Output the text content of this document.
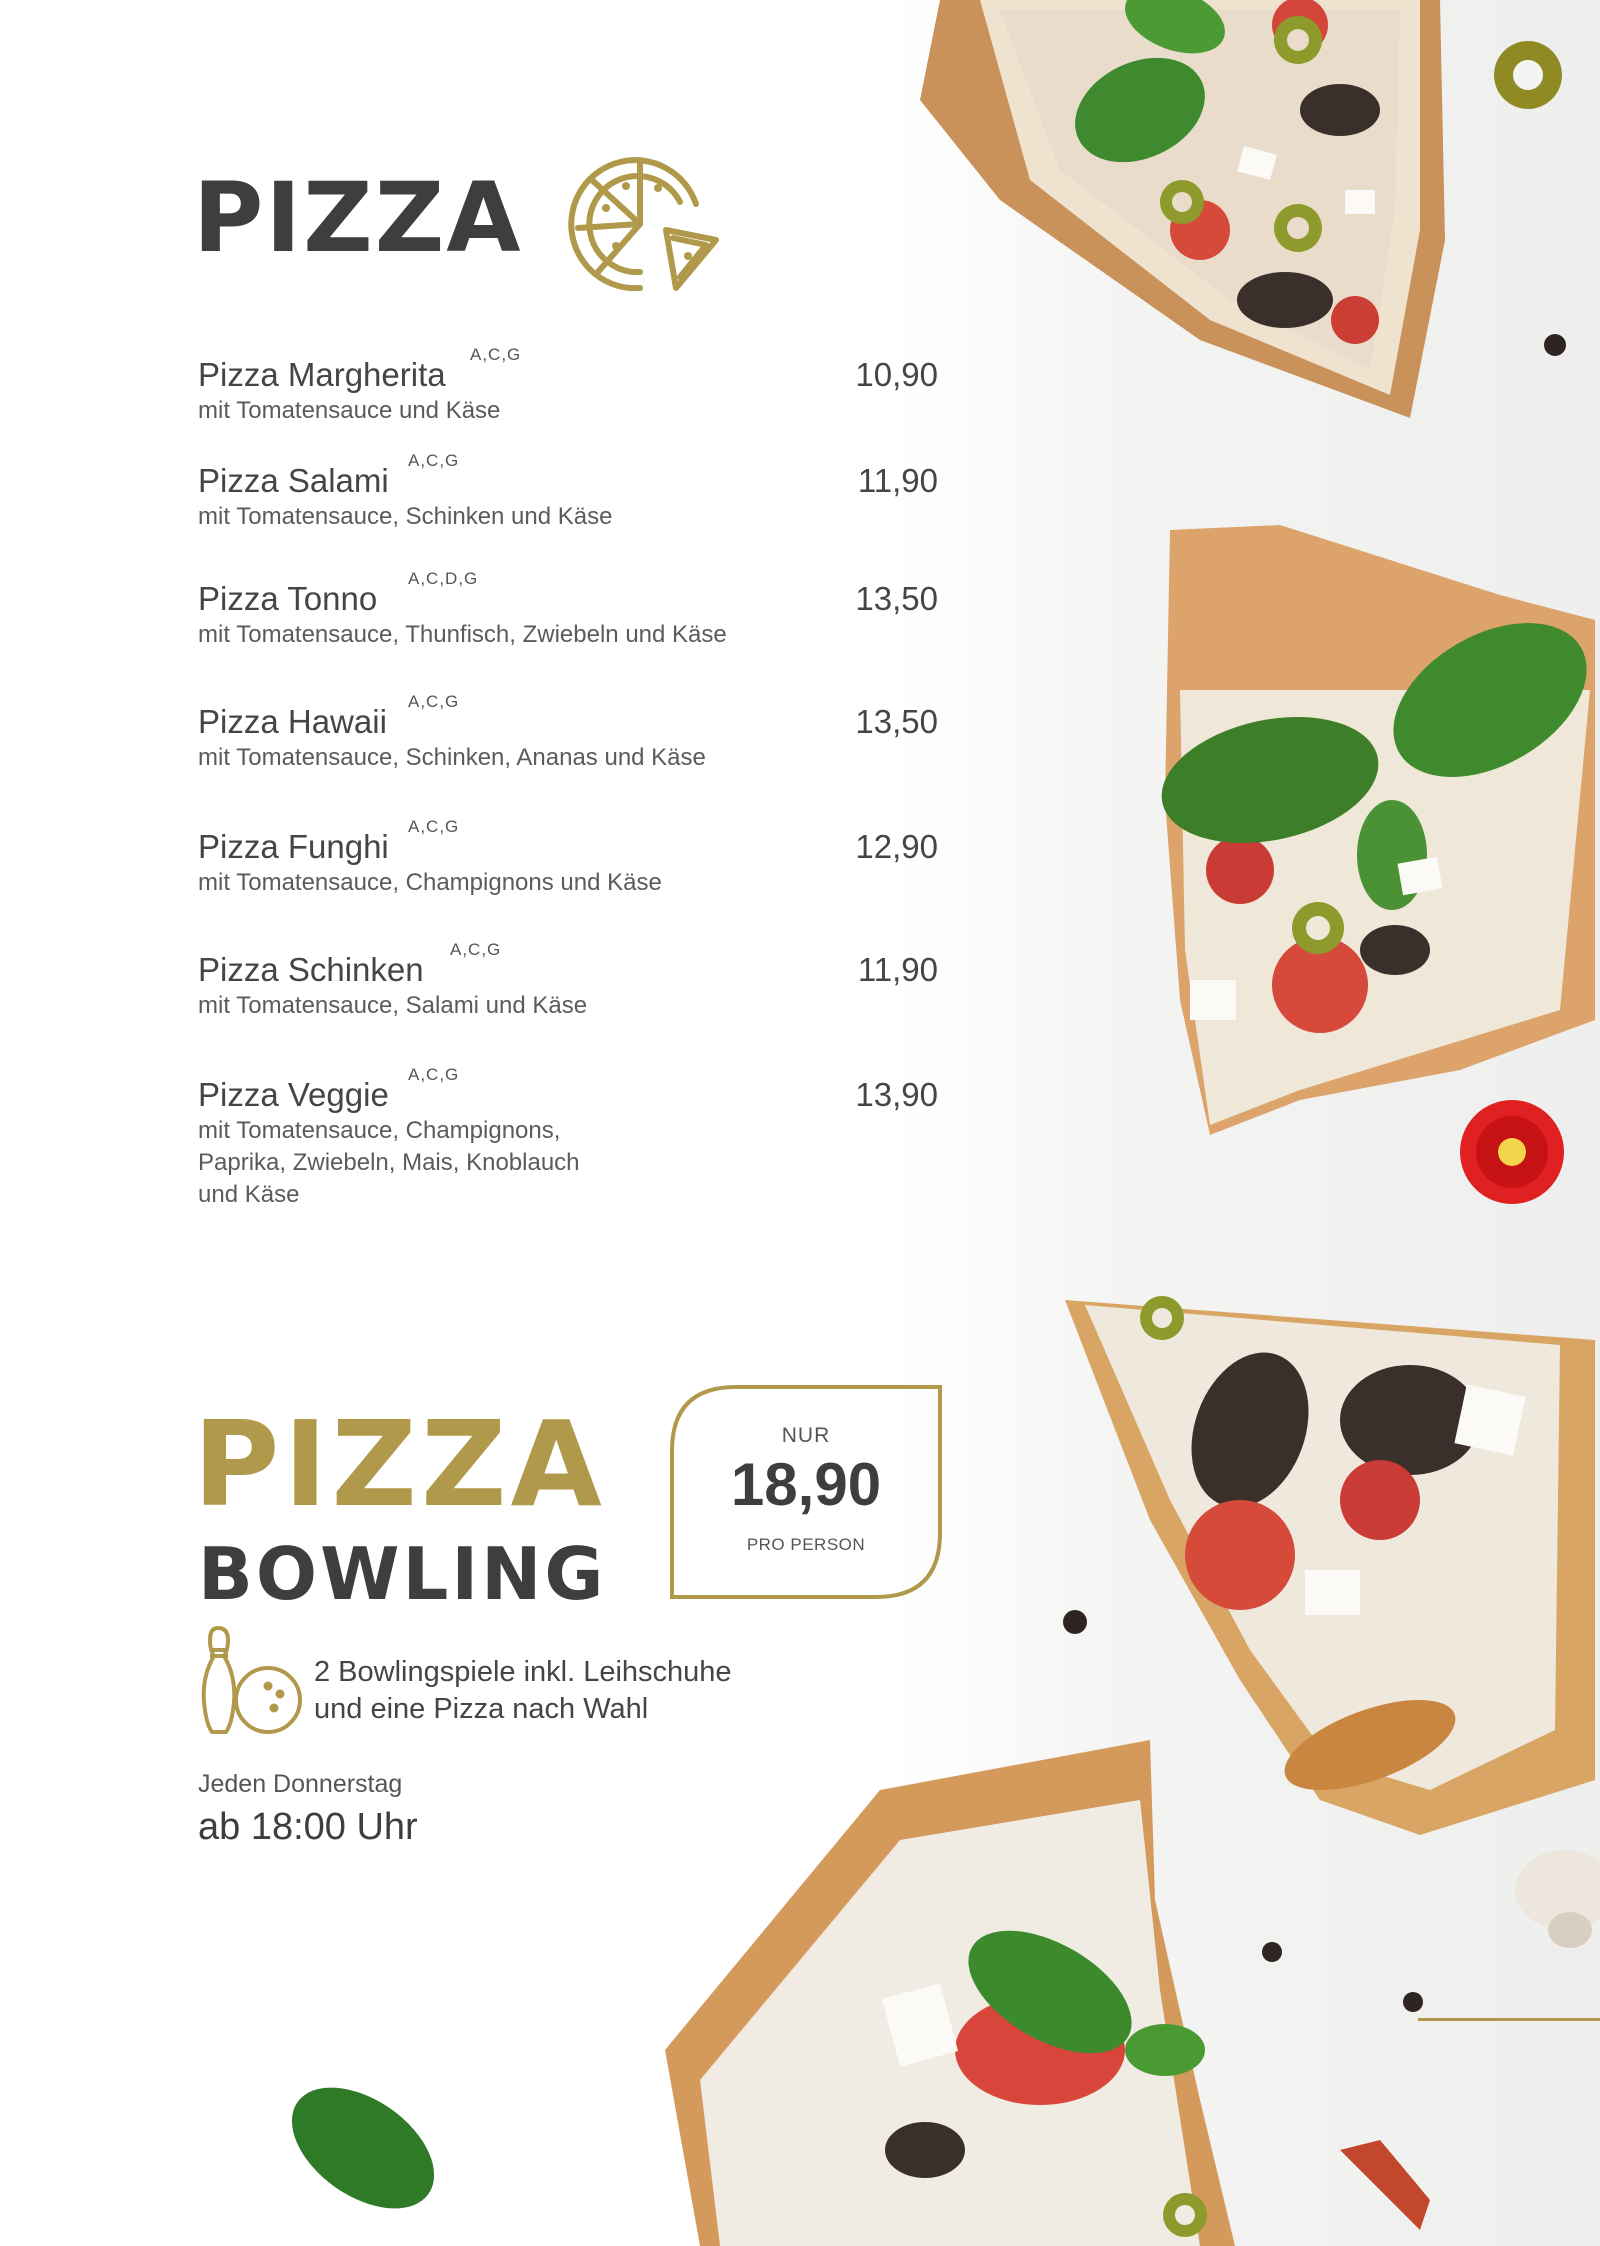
PIZZA
Pizza Margherita
A,C,G
mit Tomatensauce und Käse
10,90
Pizza Salami
A,C,G
mit Tomatensauce, Schinken und Käse
11,90
Pizza Tonno
A,C,D,G
mit Tomatensauce, Thunfisch, Zwiebeln und Käse
13,50
Pizza Hawaii
A,C,G
mit Tomatensauce, Schinken, Ananas und Käse
13,50
Pizza Funghi
A,C,G
mit Tomatensauce, Champignons und Käse
12,90
Pizza Schinken
A,C,G
mit Tomatensauce, Salami und Käse
11,90
Pizza Veggie
A,C,G
mit Tomatensauce, Champignons,
Paprika, Zwiebeln, Mais, Knoblauch
und Käse
13,90
PIZZA
BOWLING
NUR
18,90
PRO PERSON
2 Bowlingspiele inkl. Leihschuhe
und eine Pizza nach Wahl
Jeden Donnerstag
ab 18:00 Uhr
